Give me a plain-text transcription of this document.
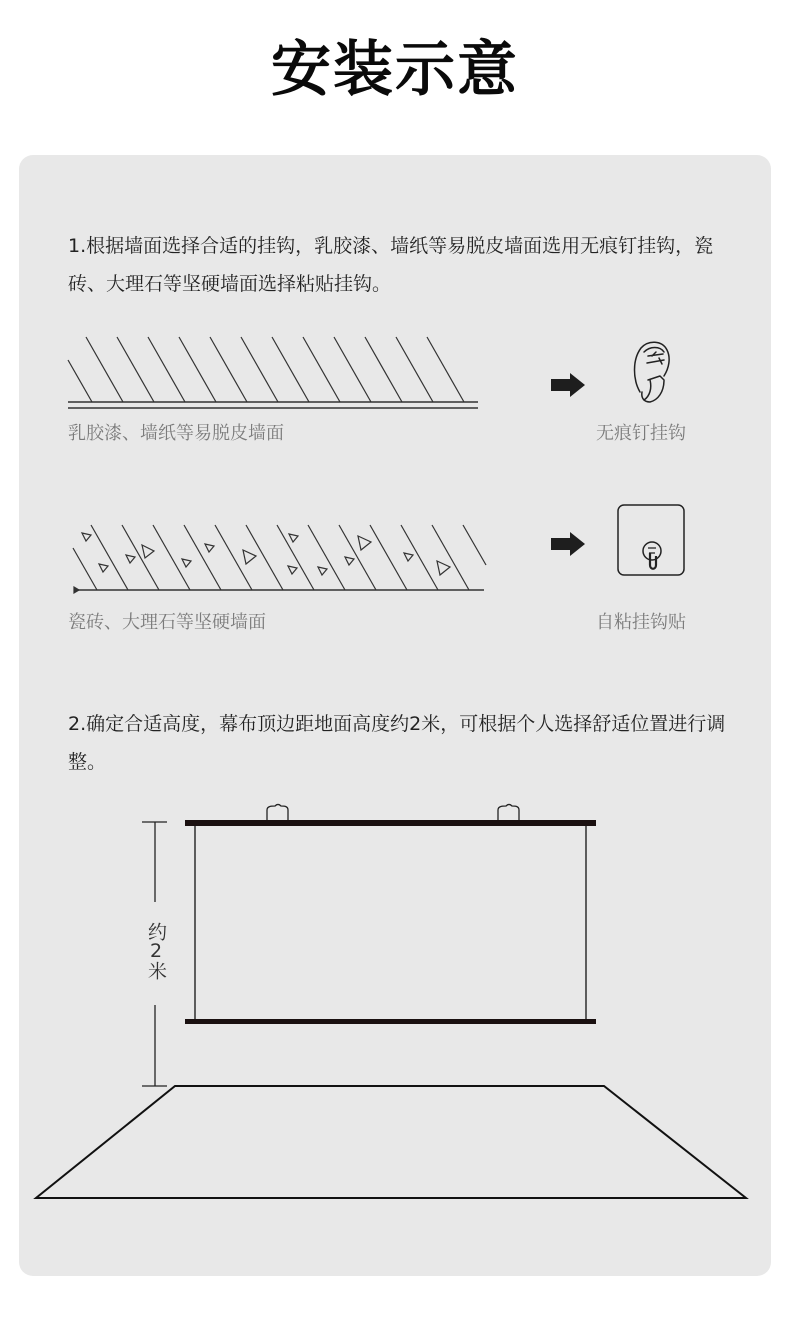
安装示意
1.根据墙面选择合适的挂钩，乳胶漆、墙纸等易脱皮墙面选用无痕钉挂钩，瓷砖、大理石等坚硬墙面选择粘贴挂钩。
乳胶漆、墙纸等易脱皮墙面	无痕钉挂钩
瓷砖、大理石等坚硬墙面	自粘挂钩贴
2.确定合适高度，幕布顶边距地面高度约2米，可根据个人选择舒适位置进行调整。
约2米
